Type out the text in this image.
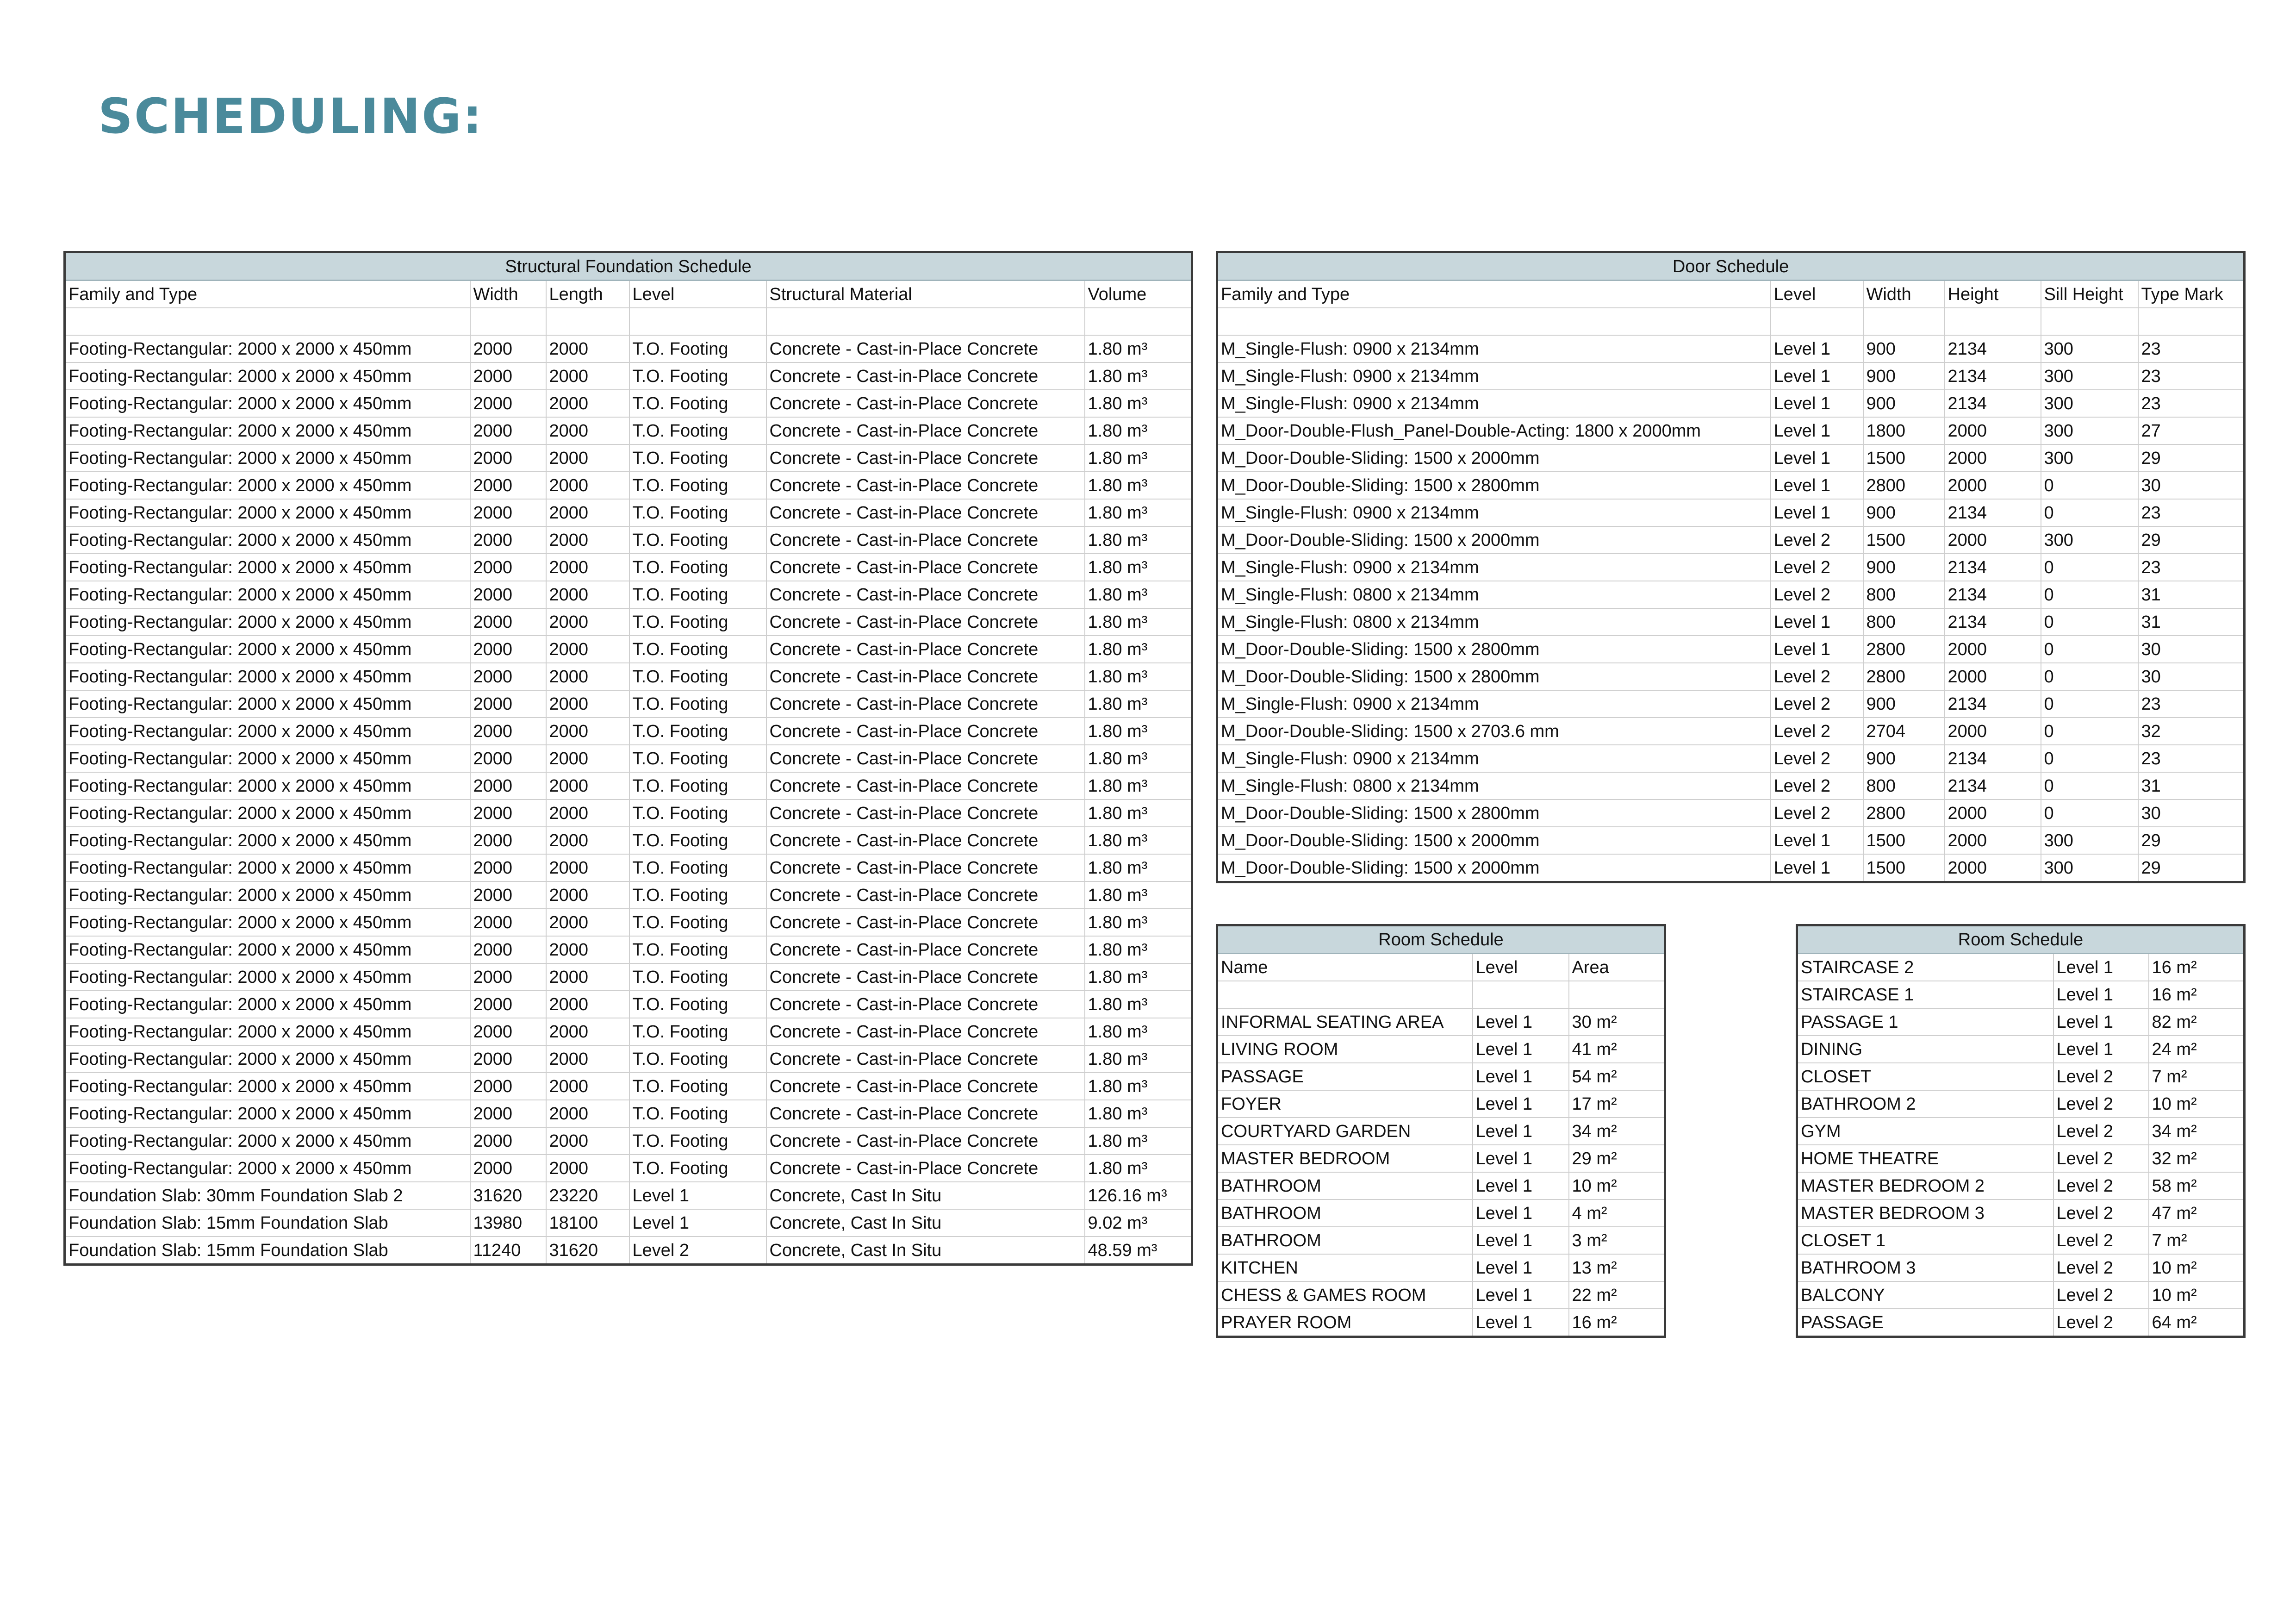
SCHEDULING:
Structural Foundation Schedule					
Family and Type	Width	Length	Level	Structural Material	Volume

Footing-Rectangular: 2000 x 2000 x 450mm	2000	2000	T.O. Footing	Concrete - Cast-in-Place Concrete	1.80 m³
Footing-Rectangular: 2000 x 2000 x 450mm	2000	2000	T.O. Footing	Concrete - Cast-in-Place Concrete	1.80 m³
Footing-Rectangular: 2000 x 2000 x 450mm	2000	2000	T.O. Footing	Concrete - Cast-in-Place Concrete	1.80 m³
Footing-Rectangular: 2000 x 2000 x 450mm	2000	2000	T.O. Footing	Concrete - Cast-in-Place Concrete	1.80 m³
Footing-Rectangular: 2000 x 2000 x 450mm	2000	2000	T.O. Footing	Concrete - Cast-in-Place Concrete	1.80 m³
Footing-Rectangular: 2000 x 2000 x 450mm	2000	2000	T.O. Footing	Concrete - Cast-in-Place Concrete	1.80 m³
Footing-Rectangular: 2000 x 2000 x 450mm	2000	2000	T.O. Footing	Concrete - Cast-in-Place Concrete	1.80 m³
Footing-Rectangular: 2000 x 2000 x 450mm	2000	2000	T.O. Footing	Concrete - Cast-in-Place Concrete	1.80 m³
Footing-Rectangular: 2000 x 2000 x 450mm	2000	2000	T.O. Footing	Concrete - Cast-in-Place Concrete	1.80 m³
Footing-Rectangular: 2000 x 2000 x 450mm	2000	2000	T.O. Footing	Concrete - Cast-in-Place Concrete	1.80 m³
Footing-Rectangular: 2000 x 2000 x 450mm	2000	2000	T.O. Footing	Concrete - Cast-in-Place Concrete	1.80 m³
Footing-Rectangular: 2000 x 2000 x 450mm	2000	2000	T.O. Footing	Concrete - Cast-in-Place Concrete	1.80 m³
Footing-Rectangular: 2000 x 2000 x 450mm	2000	2000	T.O. Footing	Concrete - Cast-in-Place Concrete	1.80 m³
Footing-Rectangular: 2000 x 2000 x 450mm	2000	2000	T.O. Footing	Concrete - Cast-in-Place Concrete	1.80 m³
Footing-Rectangular: 2000 x 2000 x 450mm	2000	2000	T.O. Footing	Concrete - Cast-in-Place Concrete	1.80 m³
Footing-Rectangular: 2000 x 2000 x 450mm	2000	2000	T.O. Footing	Concrete - Cast-in-Place Concrete	1.80 m³
Footing-Rectangular: 2000 x 2000 x 450mm	2000	2000	T.O. Footing	Concrete - Cast-in-Place Concrete	1.80 m³
Footing-Rectangular: 2000 x 2000 x 450mm	2000	2000	T.O. Footing	Concrete - Cast-in-Place Concrete	1.80 m³
Footing-Rectangular: 2000 x 2000 x 450mm	2000	2000	T.O. Footing	Concrete - Cast-in-Place Concrete	1.80 m³
Footing-Rectangular: 2000 x 2000 x 450mm	2000	2000	T.O. Footing	Concrete - Cast-in-Place Concrete	1.80 m³
Footing-Rectangular: 2000 x 2000 x 450mm	2000	2000	T.O. Footing	Concrete - Cast-in-Place Concrete	1.80 m³
Footing-Rectangular: 2000 x 2000 x 450mm	2000	2000	T.O. Footing	Concrete - Cast-in-Place Concrete	1.80 m³
Footing-Rectangular: 2000 x 2000 x 450mm	2000	2000	T.O. Footing	Concrete - Cast-in-Place Concrete	1.80 m³
Footing-Rectangular: 2000 x 2000 x 450mm	2000	2000	T.O. Footing	Concrete - Cast-in-Place Concrete	1.80 m³
Footing-Rectangular: 2000 x 2000 x 450mm	2000	2000	T.O. Footing	Concrete - Cast-in-Place Concrete	1.80 m³
Footing-Rectangular: 2000 x 2000 x 450mm	2000	2000	T.O. Footing	Concrete - Cast-in-Place Concrete	1.80 m³
Footing-Rectangular: 2000 x 2000 x 450mm	2000	2000	T.O. Footing	Concrete - Cast-in-Place Concrete	1.80 m³
Footing-Rectangular: 2000 x 2000 x 450mm	2000	2000	T.O. Footing	Concrete - Cast-in-Place Concrete	1.80 m³
Footing-Rectangular: 2000 x 2000 x 450mm	2000	2000	T.O. Footing	Concrete - Cast-in-Place Concrete	1.80 m³
Footing-Rectangular: 2000 x 2000 x 450mm	2000	2000	T.O. Footing	Concrete - Cast-in-Place Concrete	1.80 m³
Footing-Rectangular: 2000 x 2000 x 450mm	2000	2000	T.O. Footing	Concrete - Cast-in-Place Concrete	1.80 m³
Foundation Slab: 30mm Foundation Slab 2	31620	23220	Level 1	Concrete, Cast In Situ	126.16 m³
Foundation Slab: 15mm Foundation Slab	13980	18100	Level 1	Concrete, Cast In Situ	9.02 m³
Foundation Slab: 15mm Foundation Slab	11240	31620	Level 2	Concrete, Cast In Situ	48.59 m³
Door Schedule					
Family and Type	Level	Width	Height	Sill Height	Type Mark

M_Single-Flush: 0900 x 2134mm	Level 1	900	2134	300	23
M_Single-Flush: 0900 x 2134mm	Level 1	900	2134	300	23
M_Single-Flush: 0900 x 2134mm	Level 1	900	2134	300	23
M_Door-Double-Flush_Panel-Double-Acting: 1800 x 2000mm	Level 1	1800	2000	300	27
M_Door-Double-Sliding: 1500 x 2000mm	Level 1	1500	2000	300	29
M_Door-Double-Sliding: 1500 x 2800mm	Level 1	2800	2000	0	30
M_Single-Flush: 0900 x 2134mm	Level 1	900	2134	0	23
M_Door-Double-Sliding: 1500 x 2000mm	Level 2	1500	2000	300	29
M_Single-Flush: 0900 x 2134mm	Level 2	900	2134	0	23
M_Single-Flush: 0800 x 2134mm	Level 2	800	2134	0	31
M_Single-Flush: 0800 x 2134mm	Level 1	800	2134	0	31
M_Door-Double-Sliding: 1500 x 2800mm	Level 1	2800	2000	0	30
M_Door-Double-Sliding: 1500 x 2800mm	Level 2	2800	2000	0	30
M_Single-Flush: 0900 x 2134mm	Level 2	900	2134	0	23
M_Door-Double-Sliding: 1500 x 2703.6 mm	Level 2	2704	2000	0	32
M_Single-Flush: 0900 x 2134mm	Level 2	900	2134	0	23
M_Single-Flush: 0800 x 2134mm	Level 2	800	2134	0	31
M_Door-Double-Sliding: 1500 x 2800mm	Level 2	2800	2000	0	30
M_Door-Double-Sliding: 1500 x 2000mm	Level 1	1500	2000	300	29
M_Door-Double-Sliding: 1500 x 2000mm	Level 1	1500	2000	300	29
Room Schedule		
Name	Level	Area

INFORMAL SEATING AREA	Level 1	30 m²
LIVING ROOM	Level 1	41 m²
PASSAGE	Level 1	54 m²
FOYER	Level 1	17 m²
COURTYARD GARDEN	Level 1	34 m²
MASTER BEDROOM	Level 1	29 m²
BATHROOM	Level 1	10 m²
BATHROOM	Level 1	4 m²
BATHROOM	Level 1	3 m²
KITCHEN	Level 1	13 m²
CHESS & GAMES ROOM	Level 1	22 m²
PRAYER ROOM	Level 1	16 m²
Room Schedule		
STAIRCASE 2	Level 1	16 m²
STAIRCASE 1	Level 1	16 m²
PASSAGE 1	Level 1	82 m²
DINING	Level 1	24 m²
CLOSET	Level 2	7 m²
BATHROOM 2	Level 2	10 m²
GYM	Level 2	34 m²
HOME THEATRE	Level 2	32 m²
MASTER BEDROOM 2	Level 2	58 m²
MASTER BEDROOM 3	Level 2	47 m²
CLOSET 1	Level 2	7 m²
BATHROOM 3	Level 2	10 m²
BALCONY	Level 2	10 m²
PASSAGE	Level 2	64 m²
